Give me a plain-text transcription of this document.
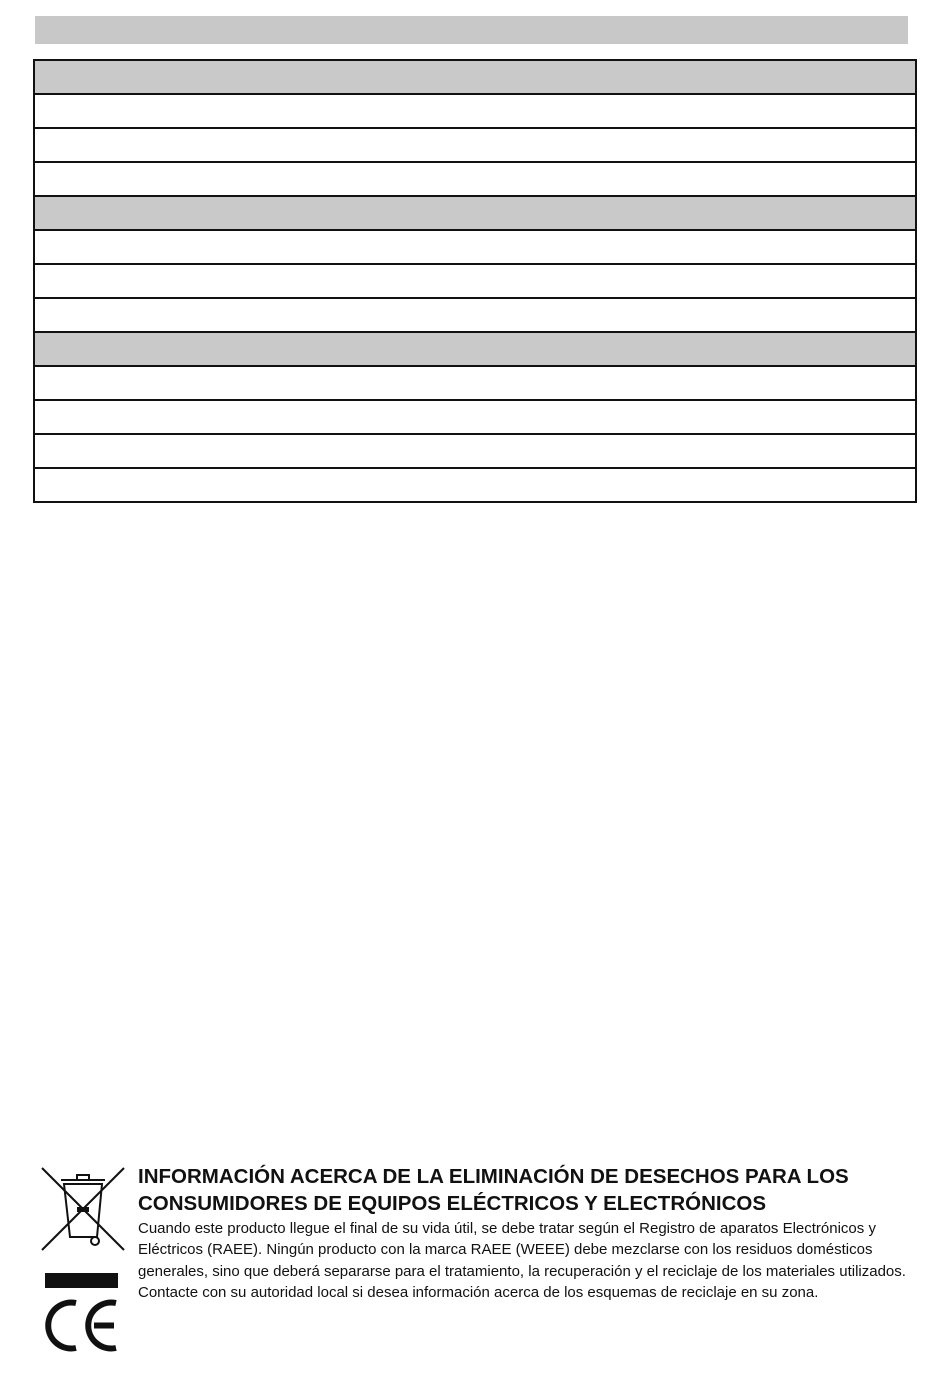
INFORMACIÓN ACERCA DE LA ELIMINACIÓN DE DESECHOS PARA LOS
CONSUMIDORES DE EQUIPOS ELÉCTRICOS Y ELECTRÓNICOS

Cuando este producto llegue el final de su vida útil, se debe tratar según el Registro de aparatos Electrónicos y Eléctricos (RAEE). Ningún producto con la marca RAEE (WEEE) debe mezclarse con los residuos domésticos generales, sino que deberá separarse para el tratamiento, la recuperación y el reciclaje de los materiales utilizados. Contacte con su autoridad local si desea información acerca de los esquemas de reciclaje en su zona.
